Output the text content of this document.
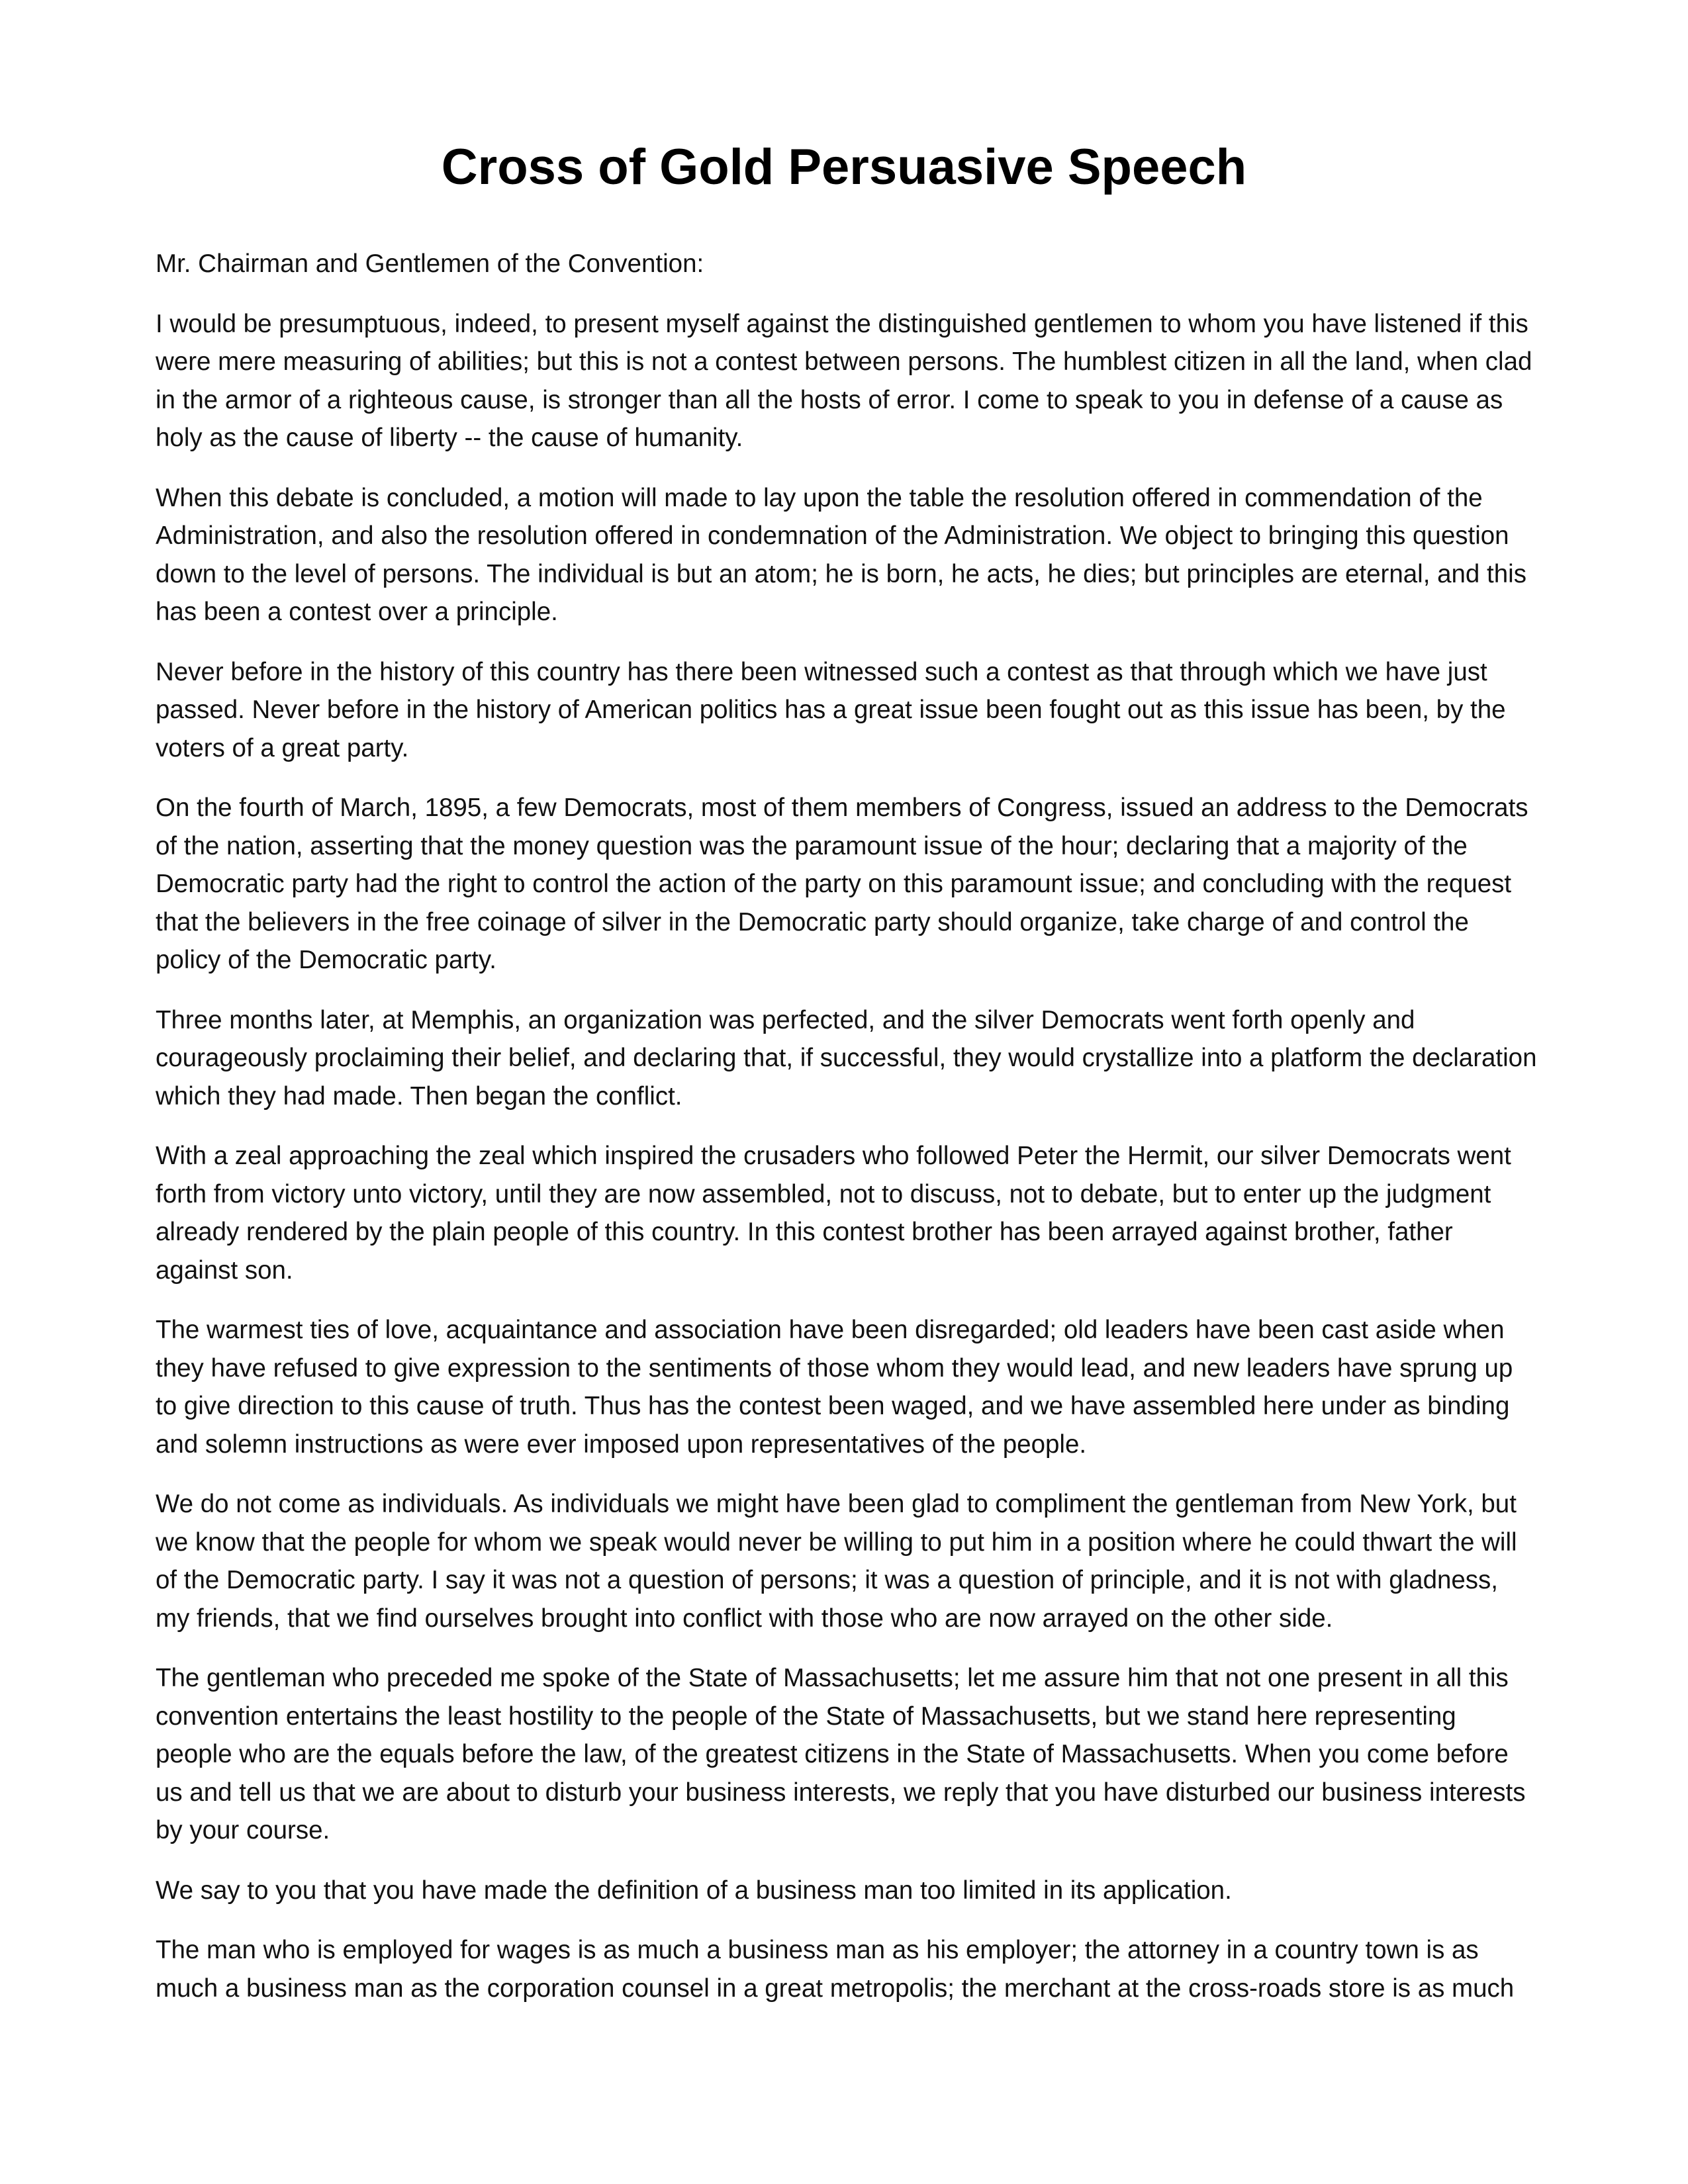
Cross of Gold Persuasive Speech

Mr. Chairman and Gentlemen of the Convention:

I would be presumptuous, indeed, to present myself against the distinguished gentlemen to whom you have listened if this were mere measuring of abilities; but this is not a contest between persons. The humblest citizen in all the land, when clad in the armor of a righteous cause, is stronger than all the hosts of error. I come to speak to you in defense of a cause as holy as the cause of liberty -- the cause of humanity.

When this debate is concluded, a motion will made to lay upon the table the resolution offered in commendation of the Administration, and also the resolution offered in condemnation of the Administration. We object to bringing this question down to the level of persons. The individual is but an atom; he is born, he acts, he dies; but principles are eternal, and this has been a contest over a principle.

Never before in the history of this country has there been witnessed such a contest as that through which we have just passed. Never before in the history of American politics has a great issue been fought out as this issue has been, by the voters of a great party.

On the fourth of March, 1895, a few Democrats, most of them members of Congress, issued an address to the Democrats of the nation, asserting that the money question was the paramount issue of the hour; declaring that a majority of the Democratic party had the right to control the action of the party on this paramount issue; and concluding with the request that the believers in the free coinage of silver in the Democratic party should organize, take charge of and control the policy of the Democratic party.

Three months later, at Memphis, an organization was perfected, and the silver Democrats went forth openly and courageously proclaiming their belief, and declaring that, if successful, they would crystallize into a platform the declaration which they had made. Then began the conflict.

With a zeal approaching the zeal which inspired the crusaders who followed Peter the Hermit, our silver Democrats went forth from victory unto victory, until they are now assembled, not to discuss, not to debate, but to enter up the judgment already rendered by the plain people of this country. In this contest brother has been arrayed against brother, father against son.

The warmest ties of love, acquaintance and association have been disregarded; old leaders have been cast aside when they have refused to give expression to the sentiments of those whom they would lead, and new leaders have sprung up to give direction to this cause of truth. Thus has the contest been waged, and we have assembled here under as binding and solemn instructions as were ever imposed upon representatives of the people.

We do not come as individuals. As individuals we might have been glad to compliment the gentleman from New York, but we know that the people for whom we speak would never be willing to put him in a position where he could thwart the will of the Democratic party. I say it was not a question of persons; it was a question of principle, and it is not with gladness, my friends, that we find ourselves brought into conflict with those who are now arrayed on the other side.

The gentleman who preceded me spoke of the State of Massachusetts; let me assure him that not one present in all this convention entertains the least hostility to the people of the State of Massachusetts, but we stand here representing people who are the equals before the law, of the greatest citizens in the State of Massachusetts. When you come before us and tell us that we are about to disturb your business interests, we reply that you have disturbed our business interests by your course.

We say to you that you have made the definition of a business man too limited in its application.

The man who is employed for wages is as much a business man as his employer; the attorney in a country town is as much a business man as the corporation counsel in a great metropolis; the merchant at the cross-roads store is as much
